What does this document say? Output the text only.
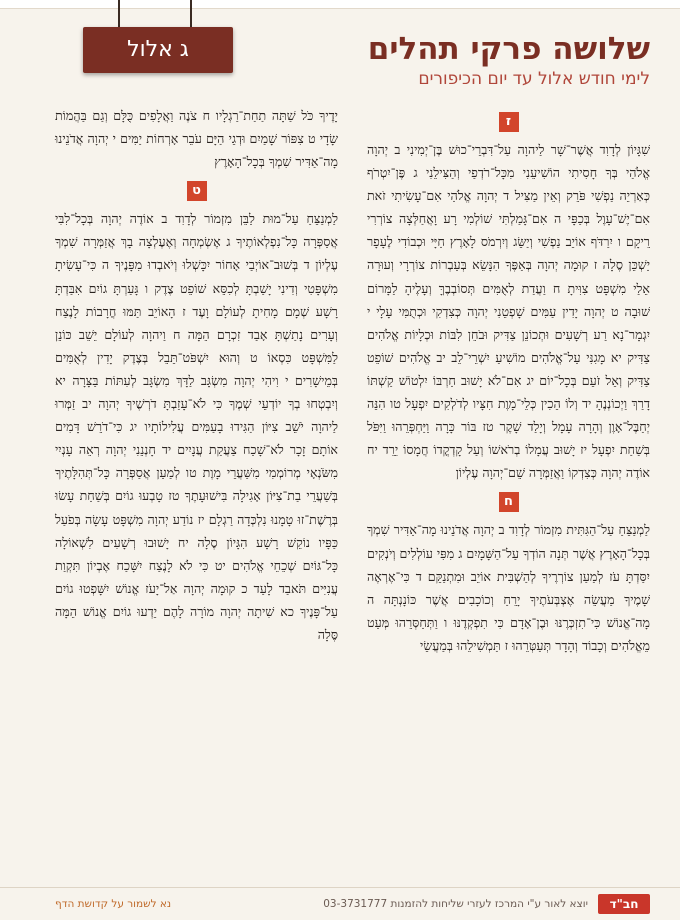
ג אלול	שלושה פרקי תהלים
לימי חודש אלול עד יום הכיפורים
ז

שִׁגָּיוֹן לְדָוִד אֲשֶׁר־שָׁר לַיהוָה עַל־דִּבְרֵי־כוּשׁ בֶּן־יְמִינִי ב יְהוָה אֱלֹהַי בְּךָ חָסִיתִי הוֹשִׁיעֵנִי מִכָּל־רֹדְפַי וְהַצִּילֵנִי ג פֶּן־יִטְרֹף כְּאַרְיֵה נַפְשִׁי פֹּרֵק וְאֵין מַצִּיל ד יְהוָה אֱלֹהַי אִם־עָשִׂיתִי זֹאת אִם־יֶשׁ־עָוֶל בְּכַפָּי ה אִם־גָּמַלְתִּי שׁוֹלְמִי רָע וָאֲחַלְּצָה צוֹרְרִי רֵיקָם ו יִרַדֹּף אוֹיֵב נַפְשִׁי וְיַשֵּׂג וְיִרְמֹס לָאָרֶץ חַיָּי וּכְבוֹדִי לֶעָפָר יַשְׁכֵּן סֶלָה ז קוּמָה יְהוָה בְּאַפֶּךָ הִנָּשֵׂא בְּעַבְרוֹת צוֹרְרָי וְעוּרָה אֵלַי מִשְׁפָּט צִוִּיתָ ח וַעֲדַת לְאֻמִּים תְּסוֹבְבֶךָּ וְעָלֶיהָ לַמָּרוֹם שׁוּבָה ט יְהוָה יָדִין עַמִּים שָׁפְטֵנִי יְהוָה כְּצִדְקִי וּכְתֻמִּי עָלָי י יִגְמָר־נָא רַע רְשָׁעִים וּתְכוֹנֵן צַדִּיק וּבֹחֵן לִבּוֹת וּכְלָיוֹת אֱלֹהִים צַדִּיק יא מָגִנִּי עַל־אֱלֹהִים מוֹשִׁיעַ יִשְׁרֵי־לֵב יב אֱלֹהִים שׁוֹפֵט צַדִּיק וְאֵל זֹעֵם בְּכָל־יוֹם יג אִם־לֹא יָשׁוּב חַרְבּוֹ יִלְטוֹשׁ קַשְׁתּוֹ דָרַךְ וַיְכוֹנְנֶהָ יד וְלוֹ הֵכִין כְּלֵי־מָוֶת חִצָּיו לְדֹלְקִים יִפְעָל טו הִנֵּה יְחַבֶּל־אָוֶן וְהָרָה עָמָל וְיָלַד שָׁקֶר טז בּוֹר כָּרָה וַיַּחְפְּרֵהוּ וַיִּפֹּל בְּשַׁחַת יִפְעָל יז יָשׁוּב עֲמָלוֹ בְרֹאשׁוֹ וְעַל קָדְקֳדוֹ חֲמָסוֹ יֵרֵד יח אוֹדֶה יְהוָה כְּצִדְקוֹ וַאֲזַמְּרָה שֵׁם־יְהוָה עֶלְיוֹן

ח

לַמְנַצֵּחַ עַל־הַגִּתִּית מִזְמוֹר לְדָוִד ב יְהוָה אֲדֹנֵינוּ מָה־אַדִּיר שִׁמְךָ בְּכָל־הָאָרֶץ אֲשֶׁר תְּנָה הוֹדְךָ עַל־הַשָּׁמָיִם ג מִפִּי עוֹלְלִים וְיֹנְקִים יִסַּדְתָּ עֹז לְמַעַן צוֹרְרֶיךָ לְהַשְׁבִּית אוֹיֵב וּמִתְנַקֵּם ד כִּי־אֶרְאֶה שָׁמֶיךָ מַעֲשֵׂה אֶצְבְּעֹתֶיךָ יָרֵחַ וְכוֹכָבִים אֲשֶׁר כּוֹנָנְתָּה ה מָה־אֱנוֹשׁ כִּי־תִזְכְּרֶנּוּ וּבֶן־אָדָם כִּי תִפְקְדֶנּוּ ו וַתְּחַסְּרֵהוּ מְּעַט מֵאֱלֹהִים וְכָבוֹד וְהָדָר תְּעַטְּרֵהוּ ז תַּמְשִׁילֵהוּ בְּמַעֲשֵׂי

יָדֶיךָ כֹּל שַׁתָּה תַחַת־רַגְלָיו ח צֹנֶה וַאֲלָפִים כֻּלָּם וְגַם בַּהֲמוֹת שָׂדָי ט צִפּוֹר שָׁמַיִם וּדְגֵי הַיָּם עֹבֵר אָרְחוֹת יַמִּים י יְהוָה אֲדֹנֵינוּ מָה־אַדִּיר שִׁמְךָ בְּכָל־הָאָרֶץ

ט

לַמְנַצֵּחַ עַל־מוּת לַבֵּן מִזְמוֹר לְדָוִד ב אוֹדֶה יְהוָה בְּכָל־לִבִּי אֲסַפְּרָה כָּל־נִפְלְאוֹתֶיךָ ג אֶשְׂמְחָה וְאֶעֶלְצָה בָךְ אֲזַמְּרָה שִׁמְךָ עֶלְיוֹן ד בְּשׁוּב־אוֹיְבַי אָחוֹר יִכָּשְׁלוּ וְיֹאבְדוּ מִפָּנֶיךָ ה כִּי־עָשִׂיתָ מִשְׁפָּטִי וְדִינִי יָשַׁבְתָּ לְכִסֵּא שׁוֹפֵט צֶדֶק ו גָּעַרְתָּ גוֹיִם אִבַּדְתָּ רָשָׁע שְׁמָם מָחִיתָ לְעוֹלָם וָעֶד ז הָאוֹיֵב תַּמּוּ חֳרָבוֹת לָנֶצַח וְעָרִים נָתַשְׁתָּ אָבַד זִכְרָם הֵמָּה ח וַיהוָה לְעוֹלָם יֵשֵׁב כּוֹנֵן לַמִּשְׁפָּט כִּסְאוֹ ט וְהוּא יִשְׁפֹּט־תֵּבֵל בְּצֶדֶק יָדִין לְאֻמִּים בְּמֵישָׁרִים י וִיהִי יְהוָה מִשְׂגָּב לַדָּךְ מִשְׂגָּב לְעִתּוֹת בַּצָּרָה יא וְיִבְטְחוּ בְךָ יוֹדְעֵי שְׁמֶךָ כִּי לֹא־עָזַבְתָּ דֹרְשֶׁיךָ יְהוָה יב זַמְּרוּ לַיהוָה יֹשֵׁב צִיּוֹן הַגִּידוּ בָעַמִּים עֲלִילוֹתָיו יג כִּי־דֹרֵשׁ דָּמִים אוֹתָם זָכָר לֹא־שָׁכַח צַעֲקַת עֲנָיִים יד חָנְנֵנִי יְהוָה רְאֵה עָנְיִי מִשֹּׂנְאָי מְרוֹמְמִי מִשַּׁעֲרֵי מָוֶת טו לְמַעַן אֲסַפְּרָה כָּל־תְּהִלָּתֶיךָ בְּשַׁעֲרֵי בַת־צִיּוֹן אָגִילָה בִּישׁוּעָתֶךָ טז טָבְעוּ גוֹיִם בְּשַׁחַת עָשׂוּ בְּרֶשֶׁת־זוּ טָמָנוּ נִלְכְּדָה רַגְלָם יז נוֹדַע יְהוָה מִשְׁפָּט עָשָׂה בְּפֹעַל כַּפָּיו נוֹקֵשׁ רָשָׁע הִגָּיוֹן סֶלָה יח יָשׁוּבוּ רְשָׁעִים לִשְׁאוֹלָה כָּל־גּוֹיִם שְׁכֵחֵי אֱלֹהִים יט כִּי לֹא לָנֶצַח יִשָּׁכַח אֶבְיוֹן תִּקְוַת עֲנִיִּים תֹּאבַד לָעַד כ קוּמָה יְהוָה אַל־יָעֹז אֱנוֹשׁ יִשָּׁפְטוּ גוֹיִם עַל־פָּנֶיךָ כא שִׁיתָה יְהוָה מוֹרָה לָהֶם יֵדְעוּ גוֹיִם אֱנוֹשׁ הֵמָּה סֶּלָה

נא לשמור על קדושת הדף	יוצא לאור ע"י המרכז לעזרי שליחות להזמנות 03-3731777	חב"ד
